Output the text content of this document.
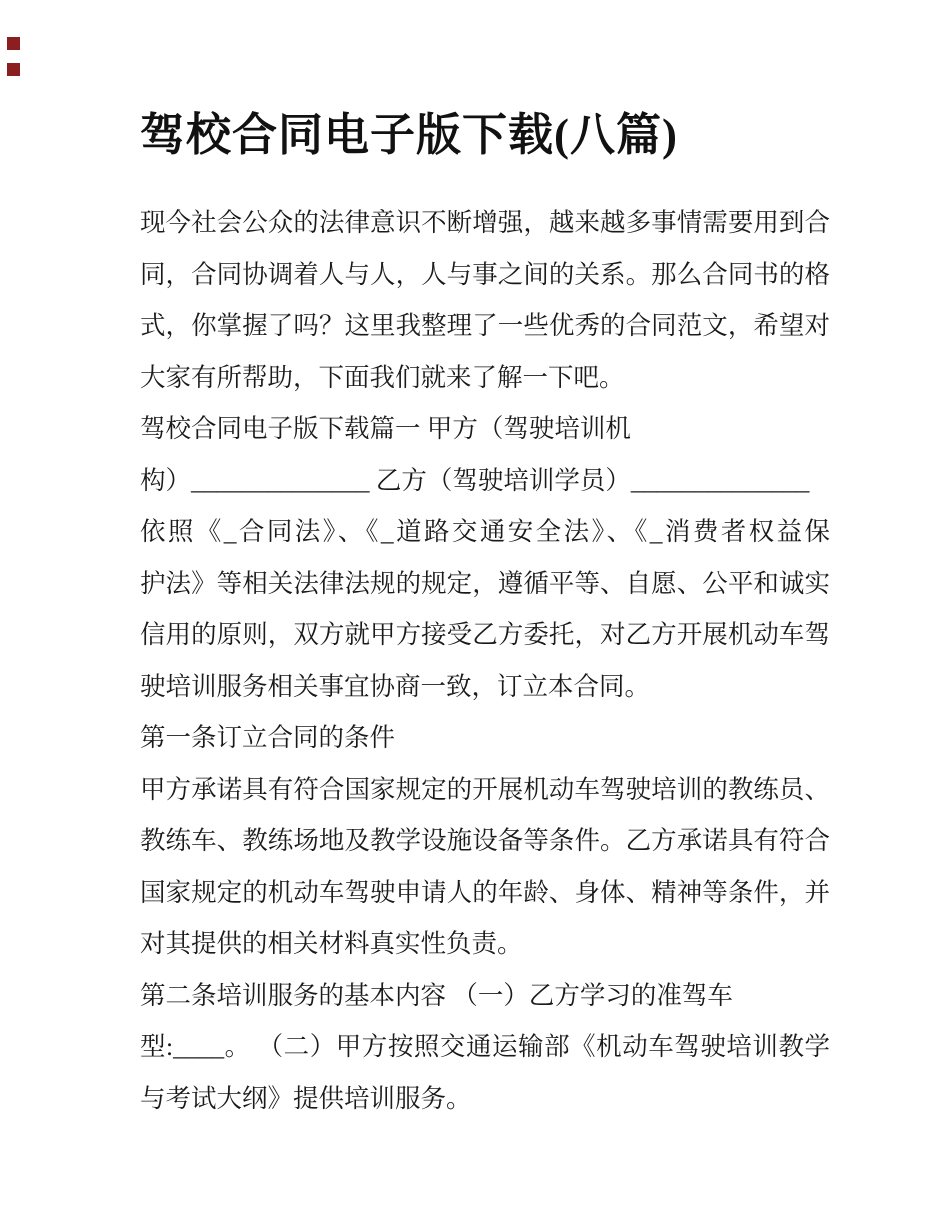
驾校合同电子版下载(八篇)
现今社会公众的法律意识不断增强，越来越多事情需要用到合
同，合同协调着人与人，人与事之间的关系。那么合同书的格
式，你掌握了吗？这里我整理了一些优秀的合同范文，希望对
大家有所帮助，下面我们就来了解一下吧。
驾校合同电子版下载篇一 甲方（驾驶培训机
构）______________ 乙方（驾驶培训学员）______________
依照《_合同法》、《_道路交通安全法》、《_消费者权益保
护法》等相关法律法规的规定，遵循平等、自愿、公平和诚实
信用的原则，双方就甲方接受乙方委托，对乙方开展机动车驾
驶培训服务相关事宜协商一致，订立本合同。
第一条订立合同的条件
甲方承诺具有符合国家规定的开展机动车驾驶培训的教练员、
教练车、教练场地及教学设施设备等条件。乙方承诺具有符合
国家规定的机动车驾驶申请人的年龄、身体、精神等条件，并
对其提供的相关材料真实性负责。
第二条培训服务的基本内容 （一）乙方学习的准驾车
型:____。 （二）甲方按照交通运输部《机动车驾驶培训教学
与考试大纲》提供培训服务。
